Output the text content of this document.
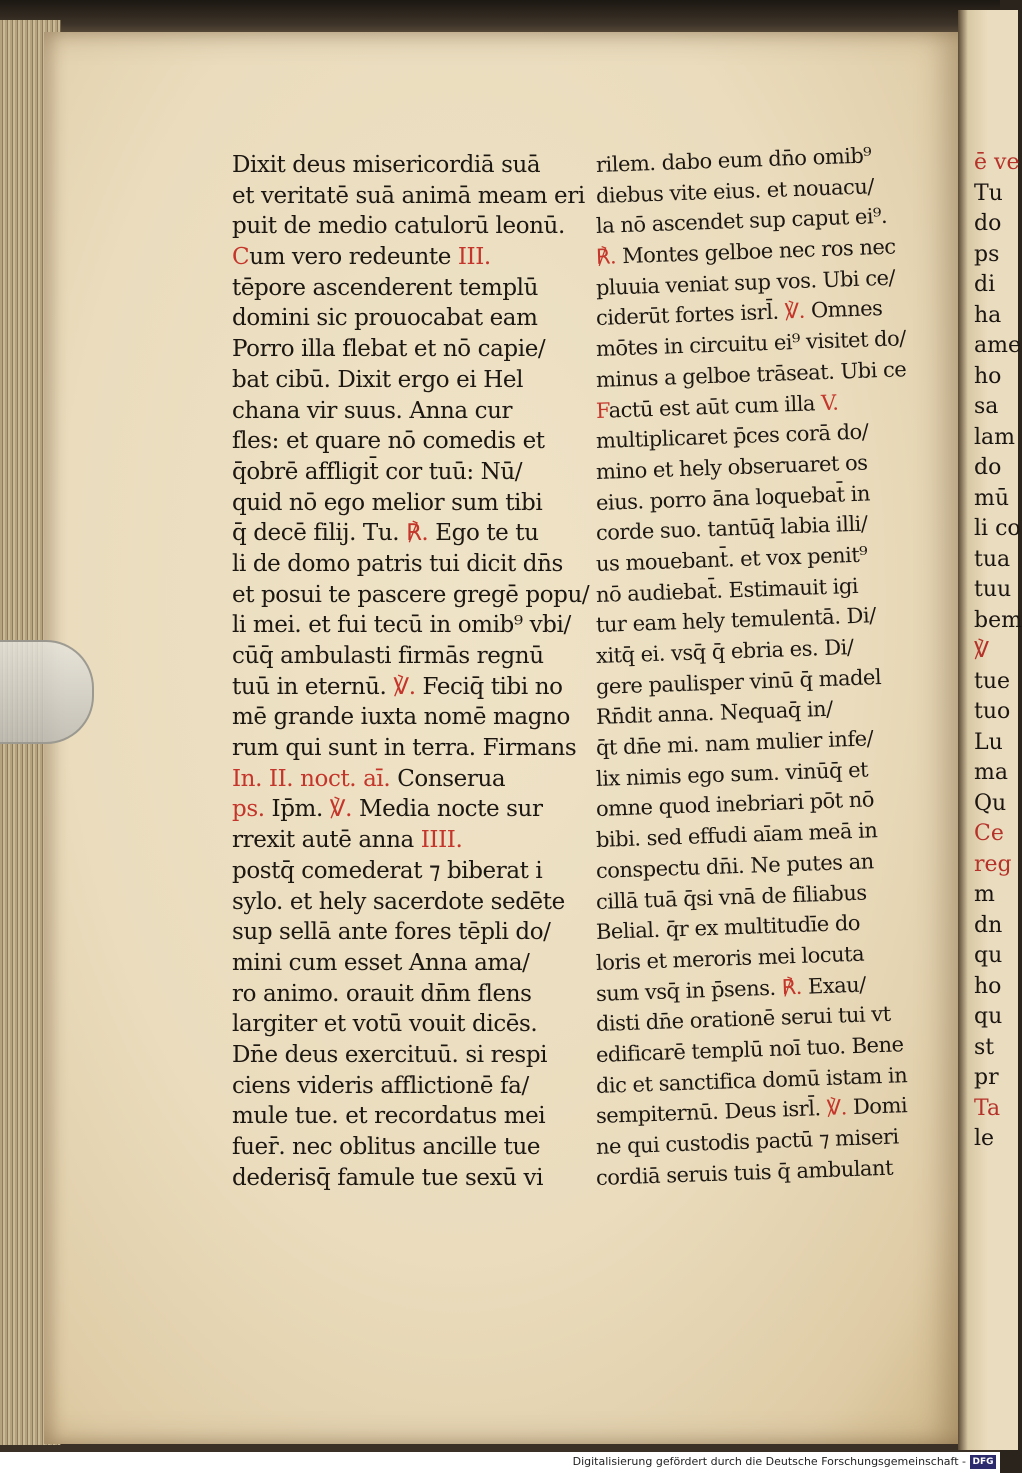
ē ve
Tu
do
ps
di
ha
ame
ho
sa
lam
do
mū
li co
tua
tuu
bem
℣
tue
tuo
Lu
ma
Qu
Ce
reg
m
dn
qu
ho
qu
st
pr
Ta
le
Dixit deus misericordiā suā
et veritatē suā animā meam eri
puit de medio catulorū leonū.
Cum vero redeunte III.
tēpore ascenderent templū
domini sic prouocabat eam
Porro illa flebat et nō capie/
bat cibū. Dixit ergo ei Hel
chana vir suus. Anna cur
fles: et quare nō comedis et
q̄obrē affligit̄ cor tuū: Nū/
quid nō ego melior sum tibi
q̄ decē filij. Tu. ℟. Ego te tu
li de domo patris tui dicit dn̄s
et posui te pascere gregē popu/
li mei. et fui tecū in omib⁹ vbi/
cūq̄ ambulasti firmās regnū
tuū in eternū. ℣. Feciq̄ tibi no
mē grande iuxta nomē magno
rum qui sunt in terra. Firmans
In. II. noct. aī. Conserua
ps. Ip̄m. ℣. Media nocte sur
rrexit autē anna IIII.
postq̄ comederat ⁊ biberat i
sylo. et hely sacerdote sedēte
sup sellā ante fores tēpli do/
mini cum esset Anna ama/
ro animo. orauit dn̄m flens
largiter et votū vouit dicēs.
Dn̄e deus exercituū. si respi
ciens videris afflictionē fa/
mule tue. et recordatus mei
fuer̄. nec oblitus ancille tue
dederisq̄ famule tue sexū vi
rilem. dabo eum dn̄o omib⁹
diebus vite eius. et nouacu/
la nō ascendet sup caput ei⁹.
℟. Montes gelboe nec ros nec
pluuia veniat sup vos. Ubi ce/
ciderūt fortes isrl̄. ℣. Omnes
mōtes in circuitu ei⁹ visitet do/
minus a gelboe trāseat. Ubi ce
Factū est aūt cum illa V.
multiplicaret p̄ces corā do/
mino et hely obseruaret os
eius. porro āna loquebat̄ in
corde suo. tantūq̄ labia illi/
us mouebant̄. et vox penit⁹
nō audiebat̄. Estimauit igi
tur eam hely temulentā. Di/
xitq̄ ei. vsq̄ q̄ ebria es. Di/
gere paulisper vinū q̄ madel
Rn̄dit anna. Nequaq̄ in/
q̄t dn̄e mi. nam mulier infe/
lix nimis ego sum. vinūq̄ et
omne quod inebriari pōt nō
bibi. sed effudi aīam meā in
conspectu dn̄i. Ne putes an
cillā tuā q̄si vnā de filiabus
Belial. q̄r ex multitudīe do
loris et meroris mei locuta
sum vsq̄ in p̄sens. ℟. Exau/
disti dn̄e orationē serui tui vt
edificarē templū noī tuo. Bene
dic et sanctifica domū istam in
sempiternū. Deus isrl̄. ℣. Domi
ne qui custodis pactū ⁊ miseri
cordiā seruis tuis q̄ ambulant
Digitalisierung gefördert durch die Deutsche Forschungsgemeinschaft - DFG
